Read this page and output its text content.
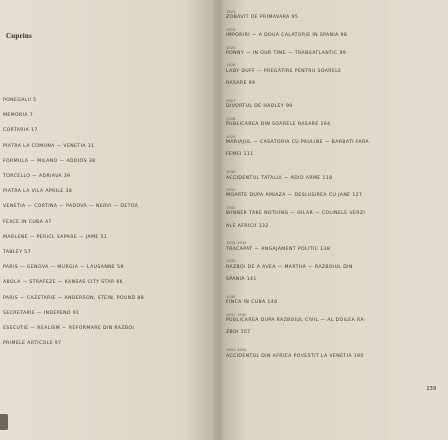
Cuprins
PONEGALII 5
MEMORIA 7
CORTARIA 17
PIATRA LA COMUNA — VENETIA 31
FORMULA — MILANO — ADDIOS 38
TORCELLO — ADRIAVA 39
PIATRA LA VILA APRILE 38
VENETIA — CORTINA — PADOVA — NERVI — DETOA
FEXCE IN CUBA 47
MARLENE — PERICL SAPARE — JAME 51
TABLEY 57
PARIS — GENOVA — MURGIA — LAUSANNE 59
ABOLA — STRAFEZE — KANSAS CITY STAR 66
PARIS — CAZETARIE — ANDERSON, STEIN, POUND 88
SECRETARIE — INDEPEND 91
ESECUTIE — REALISM — REFORMARE DIN RAZBOI
PRIMELE ARTICOLE 97
1923
ZOBAVIT DE PRIMAVARA 95
1924
IMPORIRI — A DOUA CALATORIE IN SPANIA 98
1925
PONNY — IN OUR TIME — TRANSATLANTIC 99
1926
LADY DUFF — PREGATIRE PENTRU SOARELE
RASARE 99
1927
DIVORTUL DE HADLEY 99
1928
PUBLICAREA DIN SOARELE RASARE 104
1929
MARIAJUL — CASATORIA CU PAULINE — BARBATI FARA
FEMEI 111
1930
ACCIDENTUL TATALUI — ADIO ARME 118
1931
MOARTE DUPA AMIAZA — DESLUSIREA CU JANE 127
1932
WINNER TAKE NOTHING — HILAR — COLINELE VERZI
ALE AFRICII 132
1933-1934
TRACAPAT — ANGAJAMENT POLITIC 138
1935
RAZBOI DE A AVEA — MARTHA — RAZBOIUL DIN
SPANIA 141
1936
FINCA IN CUBA 148
1937-1940
PUBLICAREA DUPA RAZBOIUL CIVIL — AL DOILEA RA-
ZBOI 157
1941-1945
ACCIDENTUL DIN AFRICA POVESTIT LA VENETIA 190
239
